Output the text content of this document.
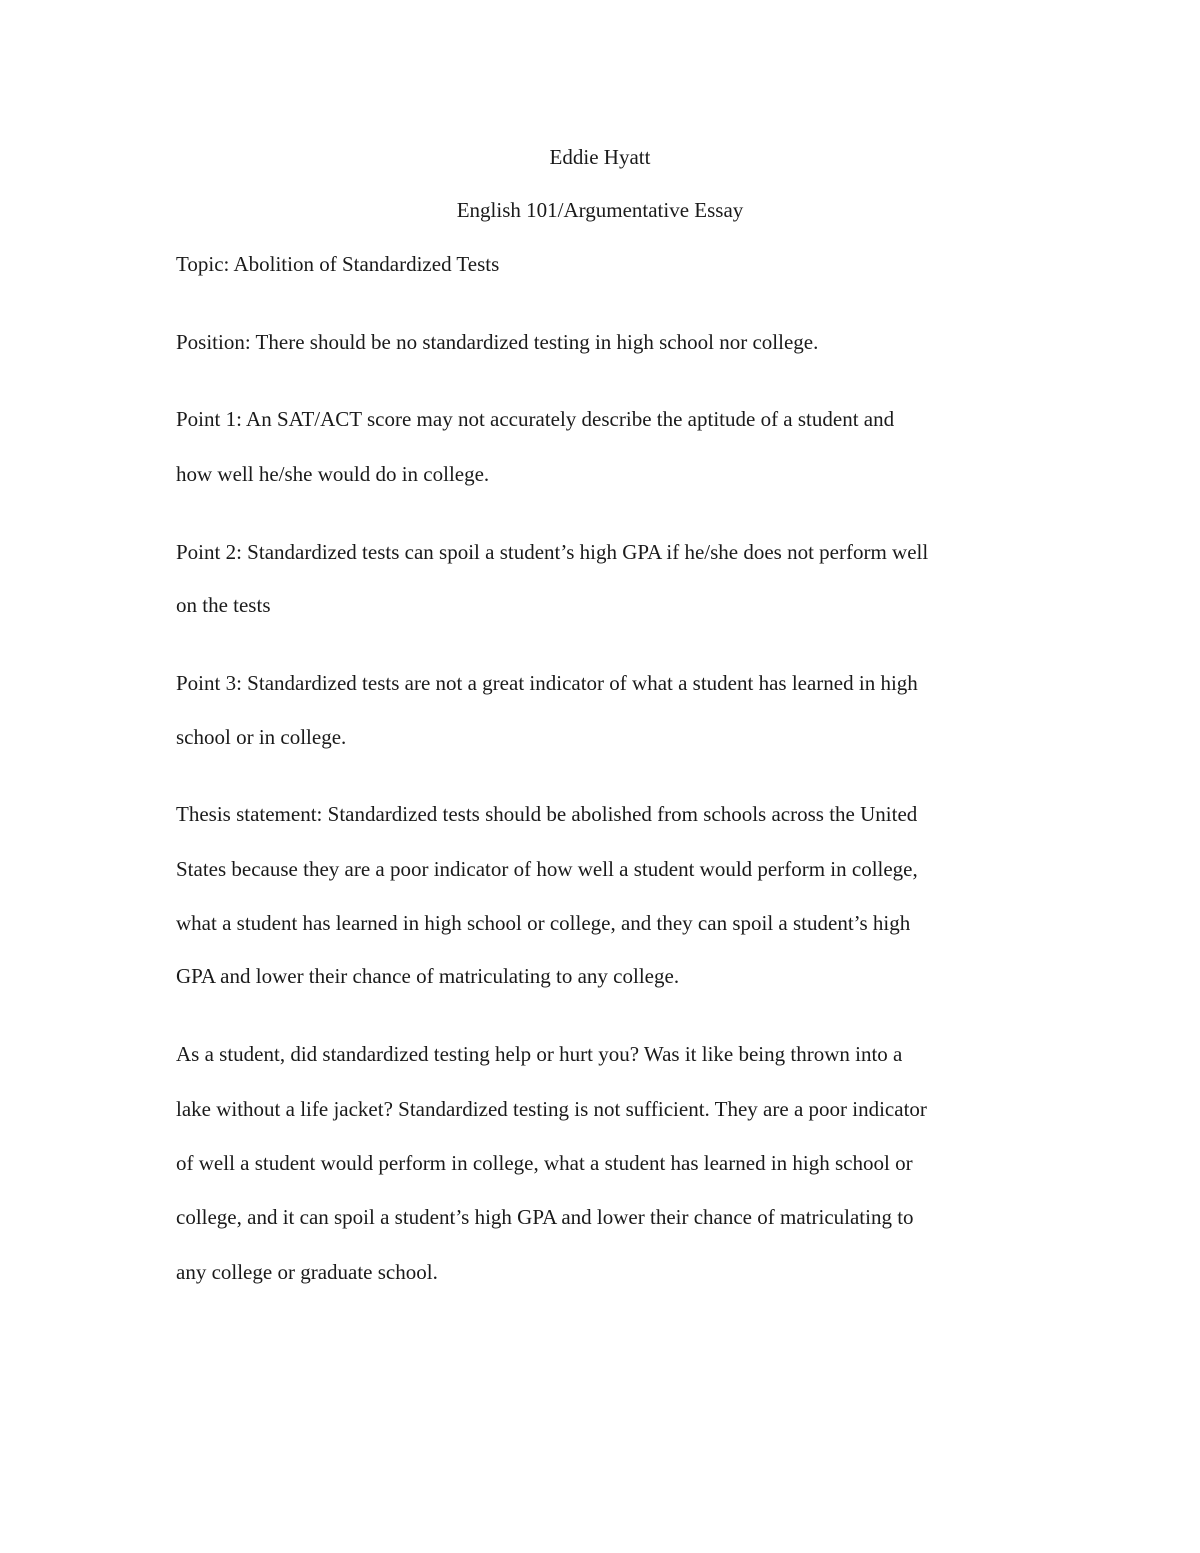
Eddie Hyatt
English 101/Argumentative Essay
Topic: Abolition of Standardized Tests
Position: There should be no standardized testing in high school nor college.
Point 1: An SAT/ACT score may not accurately describe the aptitude of a student and
how well he/she would do in college.
Point 2: Standardized tests can spoil a student’s high GPA if he/she does not perform well
on the tests
Point 3: Standardized tests are not a great indicator of what a student has learned in high
school or in college.
Thesis statement: Standardized tests should be abolished from schools across the United
States because they are a poor indicator of how well a student would perform in college,
what a student has learned in high school or college, and they can spoil a student’s high
GPA and lower their chance of matriculating to any college.
As a student, did standardized testing help or hurt you? Was it like being thrown into a
lake without a life jacket? Standardized testing is not sufficient. They are a poor indicator
of well a student would perform in college, what a student has learned in high school or
college, and it can spoil a student’s high GPA and lower their chance of matriculating to
any college or graduate school.
